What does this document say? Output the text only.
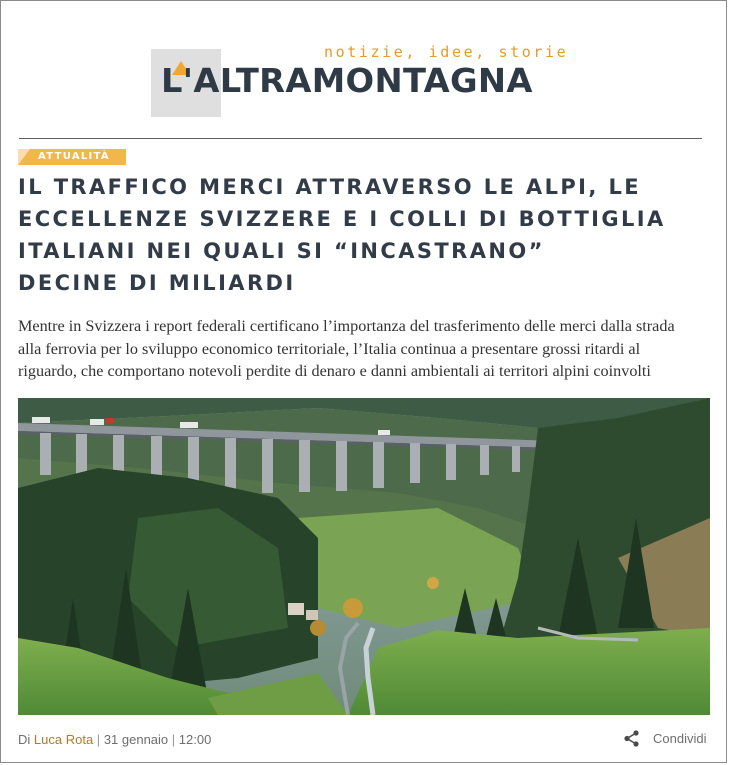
notizie, idee, storie
L'ALTRAMONTAGNA
ATTUALITÀ
IL TRAFFICO MERCI ATTRAVERSO LE ALPI, LE
ECCELLENZE SVIZZERE E I COLLI DI BOTTIGLIA
ITALIANI NEI QUALI SI “INCASTRANO”
DECINE DI MILIARDI
Mentre in Svizzera i report federali certificano l’importanza del trasferimento delle merci dalla strada
alla ferrovia per lo sviluppo economico territoriale, l’Italia continua a presentare grossi ritardi al
riguardo, che comportano notevoli perdite di denaro e danni ambientali ai territori alpini coinvolti
Di Luca Rota | 31 gennaio | 12:00	Condividi
